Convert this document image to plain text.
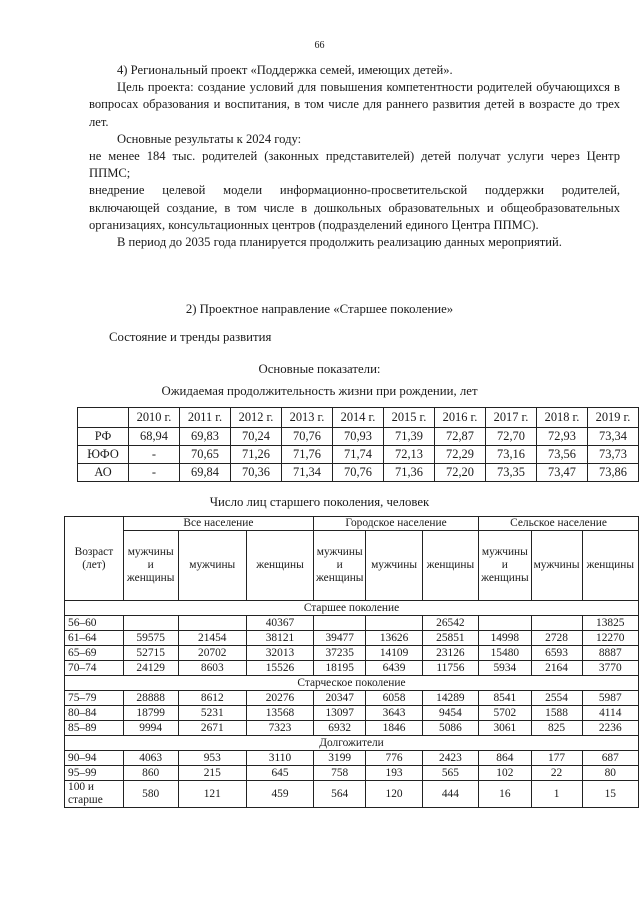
66

4) Региональный проект «Поддержка семей, имеющих детей».

Цель проекта: создание условий для повышения компетентности родителей обучающихся в вопросах образования и воспитания, в том числе для раннего развития детей в возрасте до трех лет.

Основные результаты к 2024 году:

не менее 184 тыс. родителей (законных представителей) детей получат услуги через Центр ППМС;

внедрение целевой модели информационно-просветительской поддержки родителей, включающей создание, в том числе в дошкольных образовательных и общеобразовательных организациях, консультационных центров (подразделений единого Центра ППМС).

В период до 2035 года планируется продолжить реализацию данных мероприятий.

2) Проектное направление «Старшее поколение»
Состояние и тренды развития
Основные показатели:
Ожидаемая продолжительность жизни при рождении, лет
	2010 г.	2011 г.	2012 г.	2013 г.	2014 г.	2015 г.	2016 г.	2017 г.	2018 г.	2019 г.
РФ	68,94	69,83	70,24	70,76	70,93	71,39	72,87	72,70	72,93	73,34
ЮФО	-	70,65	71,26	71,76	71,74	72,13	72,29	73,16	73,56	73,73
АО	-	69,84	70,36	71,34	70,76	71,36	72,20	73,35	73,47	73,86
Число лиц старшего поколения, человек
Возраст (лет)	Все население			Городское население			Сельское население		
	мужчины и женщины	мужчины	женщины	мужчины и женщины	мужчины	женщины	мужчины и женщины	мужчины	женщины
Старшее поколение									
56–60			40367			26542			13825
61–64	59575	21454	38121	39477	13626	25851	14998	2728	12270
65–69	52715	20702	32013	37235	14109	23126	15480	6593	8887
70–74	24129	8603	15526	18195	6439	11756	5934	2164	3770
Старческое поколение									
75–79	28888	8612	20276	20347	6058	14289	8541	2554	5987
80–84	18799	5231	13568	13097	3643	9454	5702	1588	4114
85–89	9994	2671	7323	6932	1846	5086	3061	825	2236
Долгожители									
90–94	4063	953	3110	3199	776	2423	864	177	687
95–99	860	215	645	758	193	565	102	22	80
100 и старше	580	121	459	564	120	444	16	1	15
